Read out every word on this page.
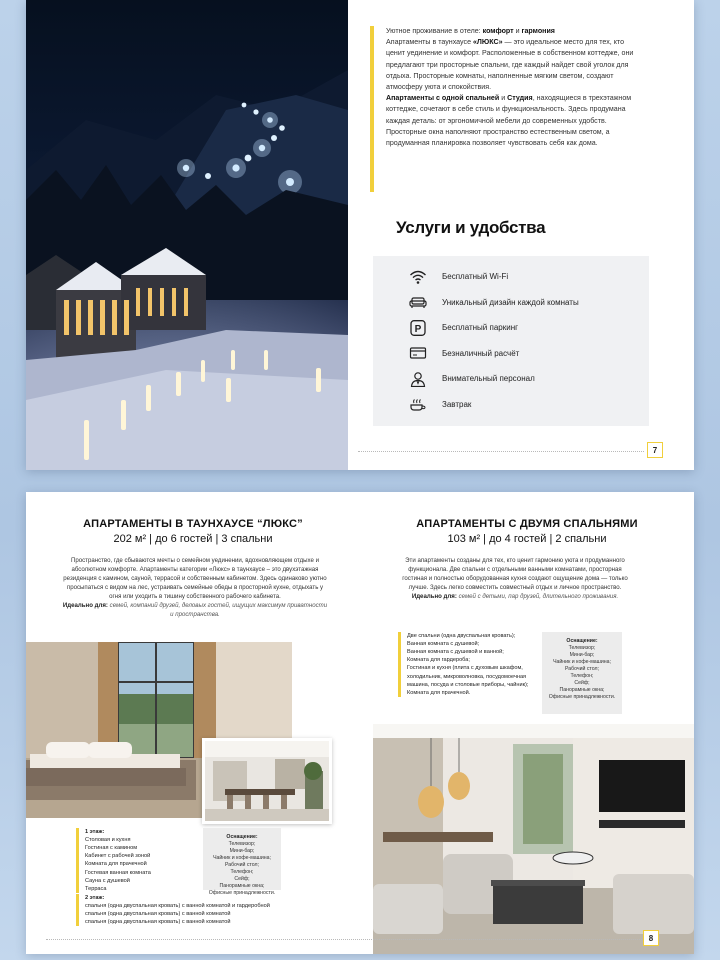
Уютное проживание в отеле: комфорт и гармония

Апартаменты в таунхаусе «ЛЮКС» — это идеальное место для тех, кто ценит уединение и комфорт. Расположенные в собственном коттедже, они предлагают три просторные спальни, где каждый найдет свой уголок для отдыха. Просторные комнаты, наполненные мягким светом, создают атмосферу уюта и спокойствия.

Апартаменты с одной спальней и Студия, находящиеся в трехэтажном коттедже, сочетают в себе стиль и функциональность. Здесь продумана каждая деталь: от эргономичной мебели до современных удобств. Просторные окна наполняют пространство естественным светом, а продуманная планировка позволяет чувствовать себя как дома.

Услуги и удобства
Бесплатный Wi-Fi
Уникальный дизайн каждой комнаты
P	Бесплатный паркинг
Безналичный расчёт
Внимательный персонал
Завтрак
7
АПАРТАМЕНТЫ В ТАУНХАУСЕ “ЛЮКС”
202 м² | до 6 гостей | 3 спальни
Пространство, где сбываются мечты о семейном уединении, вдохновляющем отдыхе и абсолютном комфорте. Апартаменты категории «Люкс» в таунхаусе – это двухэтажная резиденция с камином, сауной, террасой и собственным кабинетом. Здесь одинаково уютно просыпаться с видом на лес, устраивать семейные обеды в просторной кухне, отдыхать у огня или уходить в тишину собственного рабочего кабинета.
Идеально для: семей, компаний друзей, деловых гостей, ищущих максимум приватности и пространства.
АПАРТАМЕНТЫ С ДВУМЯ СПАЛЬНЯМИ
103 м² | до 4 гостей | 2 спальни
Эти апартаменты созданы для тех, кто ценит гармонию уюта и продуманного функционала. Две спальни с отдельными ванными комнатами, просторная гостиная и полностью оборудованная кухня создают ощущение дома — только лучше. Здесь легко совместить совместный отдых и личное пространство.
Идеально для: семей с детьми, пар друзей, длительного проживания.
1 этаж:
Столовая и кухня
Гостиная с камином
Кабинет с рабочей зоной
Комната для прачечной
Гостевая ванная комната
Сауна с душевой
Терраса
Оснащение:
Телевизор;
Мини-бар;
Чайник и кофе-машина;
Рабочий стол;
Телефон;
Сейф;
Панорамные окна;
Офисные принадлежности.
2 этаж:
спальня (одна двуспальная кровать) с ванной комнатой и гардеробной
спальня (одна двуспальная кровать) с ванной комнатой
спальня (одна двуспальная кровать) с ванной комнатой
Две спальни (одна двуспальная кровать);
Ванная комната с душевой;
Ванная комната с душевой и ванной;
Комната для гардероба;
Гостиная и кухня (плита с духовым шкафом, холодильник, микроволновка, посудомоечная машина, посуда и столовые приборы, чайник);
Комната для прачечной.
Оснащение:
Телевизор;
Мини-бар;
Чайник и кофе-машина;
Рабочий стол;
Телефон;
Сейф;
Панорамные окна;
Офисные принадлежности.
8
